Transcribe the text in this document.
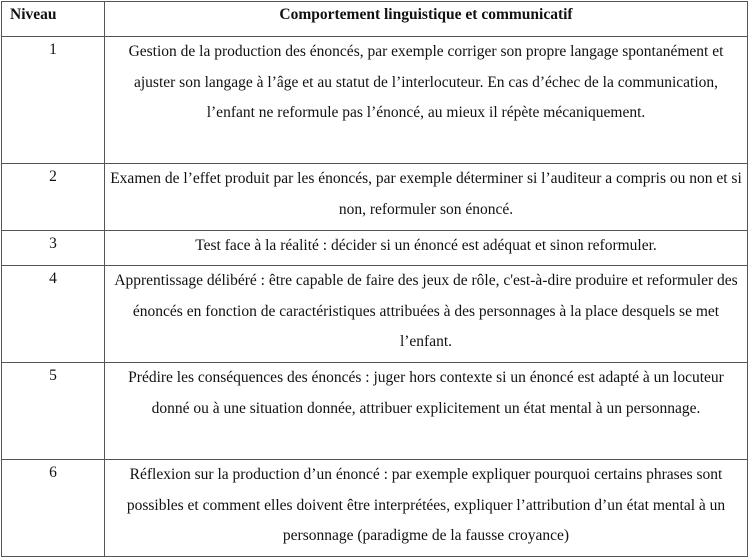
Niveau	Comportement linguistique et communicatif
1	Gestion de la production des énoncés, par exemple corriger son propre langage spontanément et ajuster son langage à l’âge et au statut de l’interlocuteur. En cas d’échec de la communication, l’enfant ne reformule pas l’énoncé, au mieux il répète mécaniquement.
2	Examen de l’effet produit par les énoncés, par exemple déterminer si l’auditeur a compris ou non et si non, reformuler son énoncé.
3	Test face à la réalité : décider si un énoncé est adéquat et sinon reformuler.
4	Apprentissage délibéré : être capable de faire des jeux de rôle, c'est-à-dire produire et reformuler des énoncés en fonction de caractéristiques attribuées à des personnages à la place desquels se met l’enfant.
5	Prédire les conséquences des énoncés : juger hors contexte si un énoncé est adapté à un locuteur donné ou à une situation donnée, attribuer explicitement un état mental à un personnage.
6	Réflexion sur la production d’un énoncé : par exemple expliquer pourquoi certains phrases sont possibles et comment elles doivent être interprétées, expliquer l’attribution d’un état mental à un personnage (paradigme de la fausse croyance)
